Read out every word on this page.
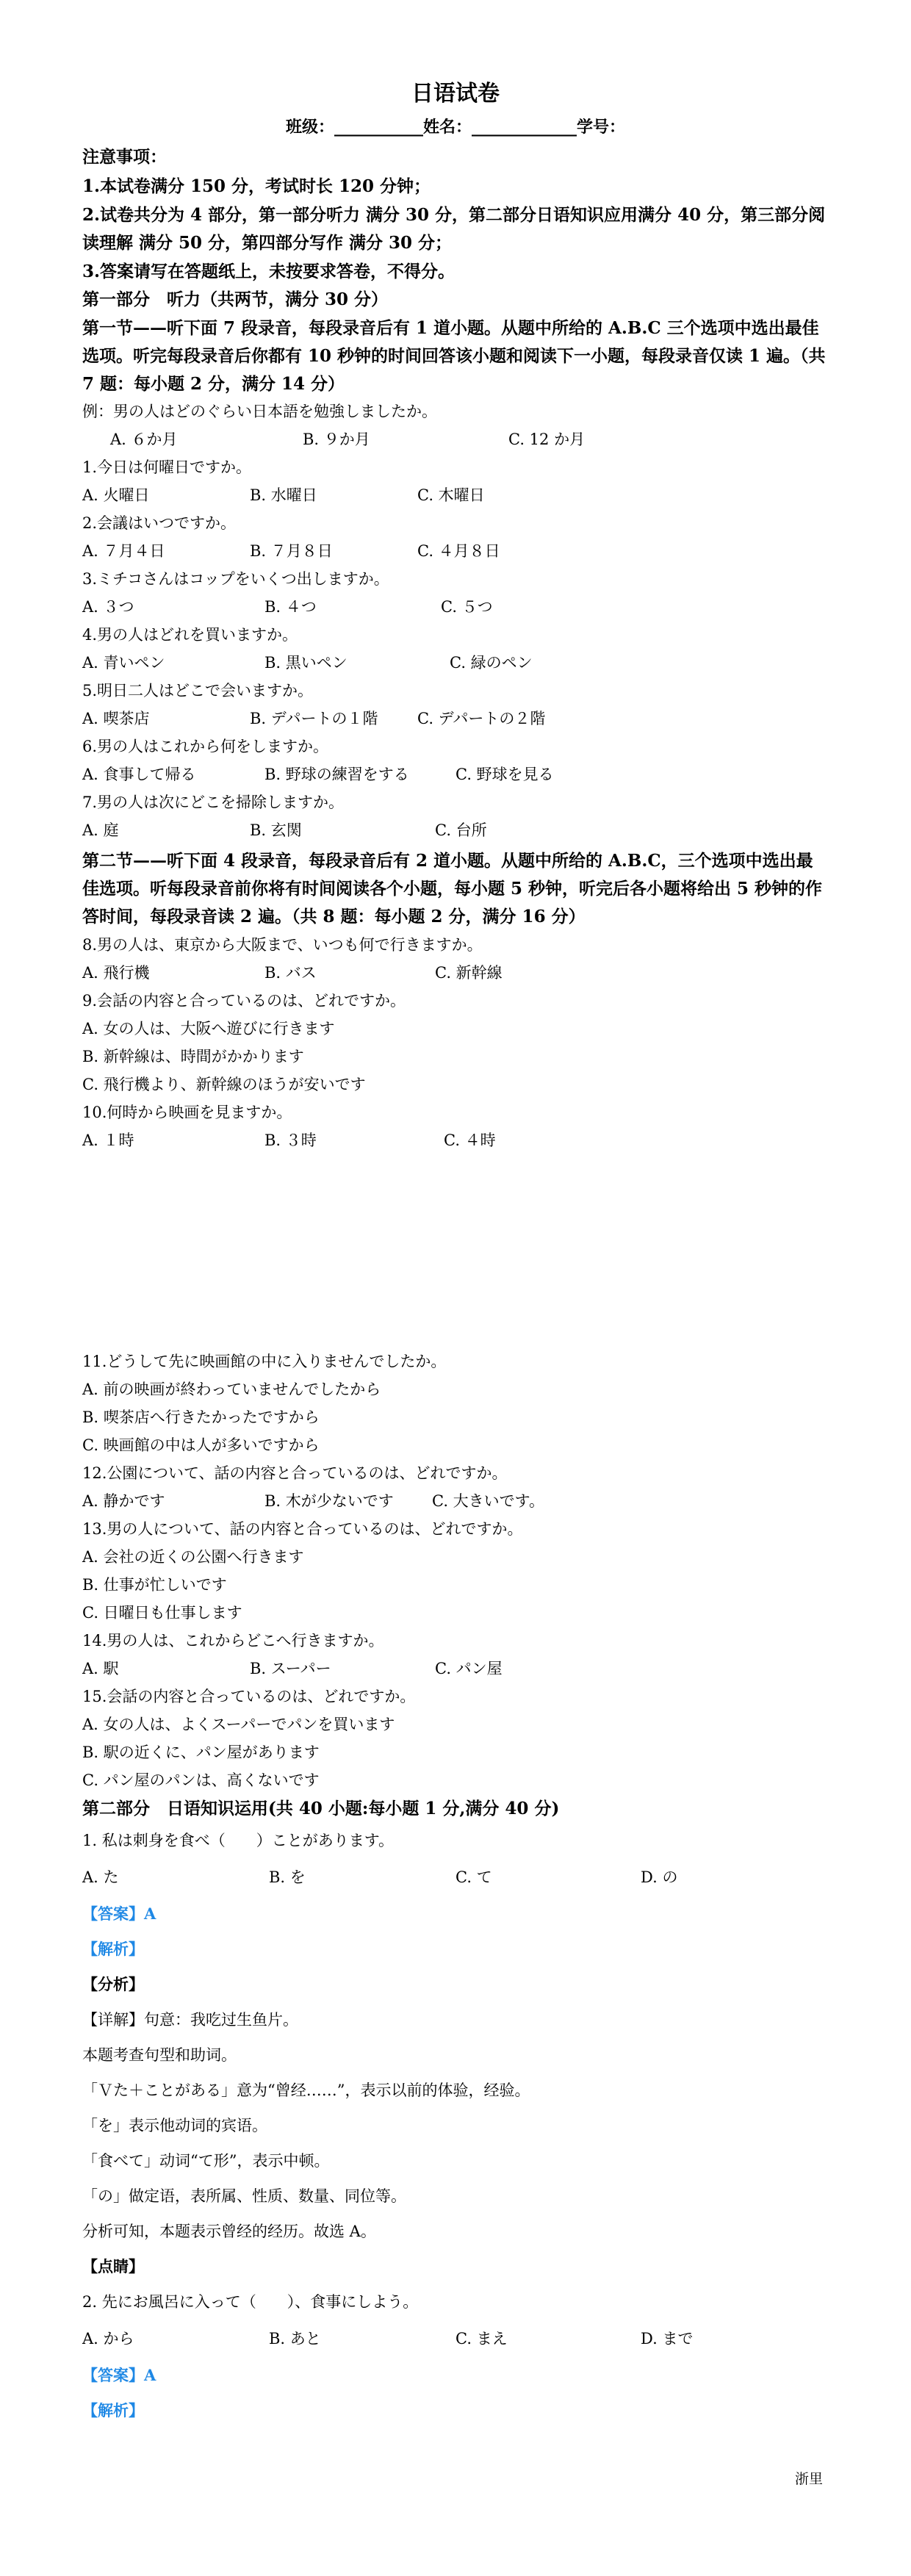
日语试卷
班级：___________姓名：_____________学号：
注意事项：
1.本试卷满分 150 分，考试时长 120 分钟；
2.试卷共分为 4 部分，第一部分听力 满分 30 分，第二部分日语知识应用满分 40 分，第三部分阅读理解 满分 50 分，第四部分写作 满分 30 分；
3.答案请写在答题纸上，未按要求答卷，不得分。
第一部分　听力（共两节，满分 30 分）
第一节——听下面 7 段录音，每段录音后有 1 道小题。从题中所给的 A.B.C 三个选项中选出最佳选项。听完每段录音后你都有 10 秒钟的时间回答该小题和阅读下一小题，每段录音仅读 1 遍。（共 7 题：每小题 2 分，满分 14 分）
例：男の人はどのぐらい日本語を勉強しましたか。
A. ６か月	B. ９か月	C. 12 か月
1.今日は何曜日ですか。
A. 火曜日	B. 水曜日	C. 木曜日
2.会議はいつですか。
A. ７月４日	B. ７月８日	C. ４月８日
3.ミチコさんはコップをいくつ出しますか。
A. ３つ	B. ４つ	C. ５つ
4.男の人はどれを買いますか。
A. 青いペン	B. 黒いペン	C. 緑のペン
5.明日二人はどこで会いますか。
A. 喫茶店	B. デパートの１階	C. デパートの２階
6.男の人はこれから何をしますか。
A. 食事して帰る	B. 野球の練習をする	C. 野球を見る
7.男の人は次にどこを掃除しますか。
A. 庭	B. 玄関	C. 台所
第二节——听下面 4 段录音，每段录音后有 2 道小题。从题中所给的 A.B.C，三个选项中选出最佳选项。听每段录音前你将有时间阅读各个小题，每小题 5 秒钟，听完后各小题将给出 5 秒钟的作答时间，每段录音读 2 遍。（共 8 题：每小题 2 分，满分 16 分）
8.男の人は、東京から大阪まで、いつも何で行きますか。
A. 飛行機	B. バス	C. 新幹線
9.会話の内容と合っているのは、どれですか。
A. 女の人は、大阪へ遊びに行きます
B. 新幹線は、時間がかかります
C. 飛行機より、新幹線のほうが安いです
10.何時から映画を見ますか。
A. １時	B. ３時	C. ４時
11.どうして先に映画館の中に入りませんでしたか。
A. 前の映画が終わっていませんでしたから
B. 喫茶店へ行きたかったですから
C. 映画館の中は人が多いですから
12.公園について、話の内容と合っているのは、どれですか。
A. 静かです	B. 木が少ないです C. 大きいです。
13.男の人について、話の内容と合っているのは、どれですか。
A. 会社の近くの公園へ行きます
B. 仕事が忙しいです
C. 日曜日も仕事します
14.男の人は、これからどこへ行きますか。
A. 駅	B. スーパー	C. パン屋
15.会話の内容と合っているのは、どれですか。
A. 女の人は、よくスーパーでパンを買います
B. 駅の近くに、パン屋があります
C. パン屋のパンは、高くないです
第二部分　日语知识运用(共 40 小题:每小题 1 分,满分 40 分)
1. 私は刺身を食べ（　　）ことがあります。
A. た	B. を	C. て	D. の
【答案】A
【解析】
【分析】
【详解】句意：我吃过生鱼片。
本题考查句型和助词。
「Ｖた＋ことがある」意为“曾经……”，表示以前的体验，经验。
「を」表示他动词的宾语。
「食べて」动词“て形”，表示中顿。
「の」做定语，表所属、性质、数量、同位等。
分析可知，本题表示曾经的经历。故选 A。
【点睛】
2. 先にお風呂に入って（　　）、食事にしよう。
A. から	B. あと	C. まえ	D. まで
【答案】A
【解析】
浙里
